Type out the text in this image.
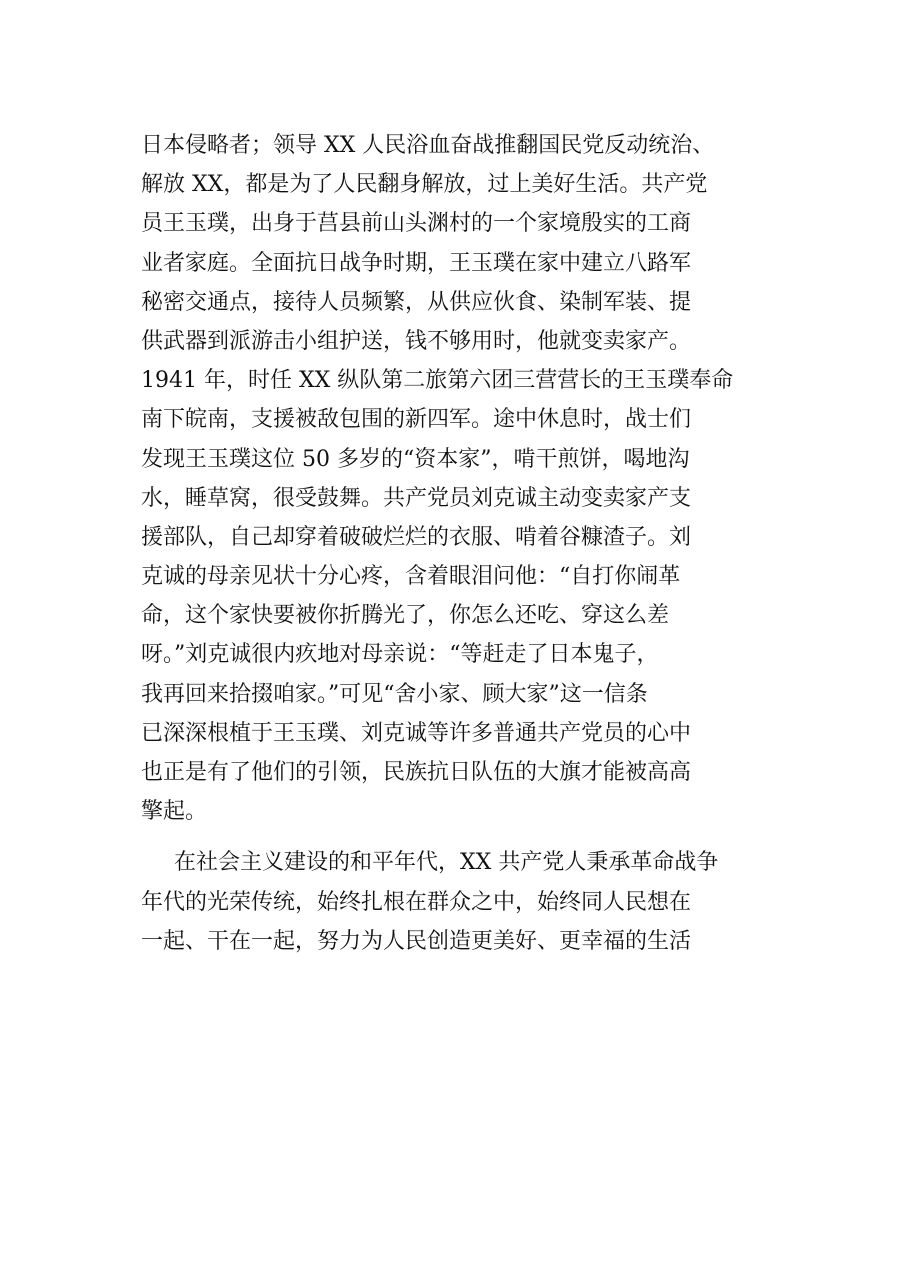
日本侵略者；领导 XX 人民浴血奋战推翻国民党反动统治、
解放 XX，都是为了人民翻身解放，过上美好生活。共产党
员王玉璞，出身于莒县前山头渊村的一个家境殷实的工商
业者家庭。全面抗日战争时期，王玉璞在家中建立八路军
秘密交通点，接待人员频繁，从供应伙食、染制军装、提
供武器到派游击小组护送，钱不够用时，他就变卖家产。
1941 年，时任 XX 纵队第二旅第六团三营营长的王玉璞奉命
南下皖南，支援被敌包围的新四军。途中休息时，战士们
发现王玉璞这位 50 多岁的“资本家”，啃干煎饼，喝地沟
水，睡草窝，很受鼓舞。共产党员刘克诚主动变卖家产支
援部队，自己却穿着破破烂烂的衣服、啃着谷糠渣子。刘
克诚的母亲见状十分心疼，含着眼泪问他：“自打你闹革
命，这个家快要被你折腾光了，你怎么还吃、穿这么差
呀。”刘克诚很内疚地对母亲说：“等赶走了日本鬼子，
我再回来拾掇咱家。”可见“舍小家、顾大家”这一信条
已深深根植于王玉璞、刘克诚等许多普通共产党员的心中
也正是有了他们的引领，民族抗日队伍的大旗才能被高高
擎起。
在社会主义建设的和平年代，XX 共产党人秉承革命战争
年代的光荣传统，始终扎根在群众之中，始终同人民想在
一起、干在一起，努力为人民创造更美好、更幸福的生活
